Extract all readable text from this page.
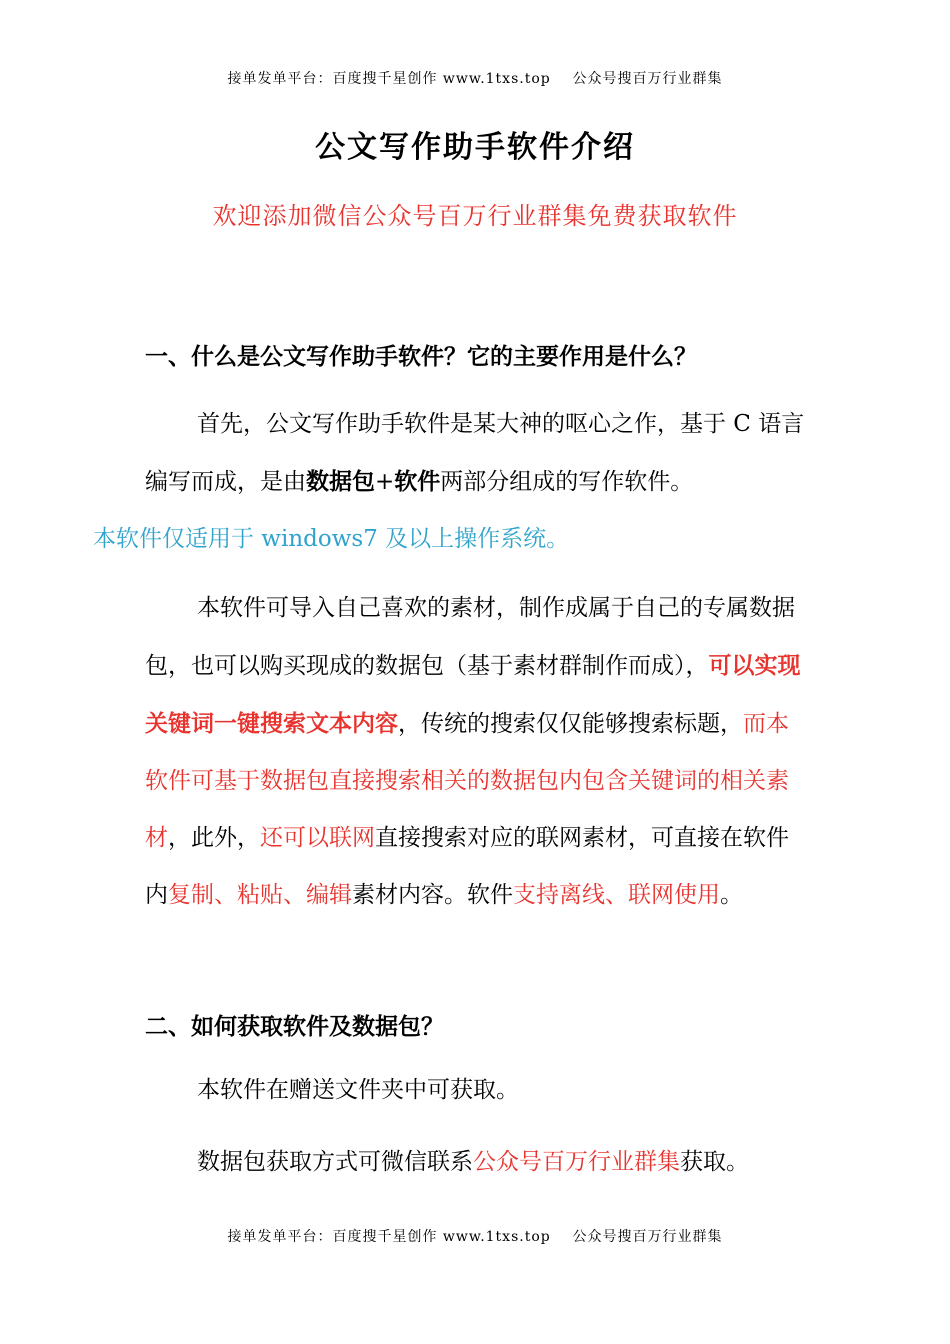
接单发单平台：百度搜千星创作 www.1txs.top 公众号搜百万行业群集
公文写作助手软件介绍
欢迎添加微信公众号百万行业群集免费获取软件
一、什么是公文写作助手软件？它的主要作用是什么？
首先，公文写作助手软件是某大神的呕心之作，基于 C 语言编写而成，是由数据包+软件两部分组成的写作软件。
本软件仅适用于 windows7 及以上操作系统。
本软件可导入自己喜欢的素材，制作成属于自己的专属数据包，也可以购买现成的数据包（基于素材群制作而成），可以实现关键词一键搜索文本内容，传统的搜索仅仅能够搜索标题，而本软件可基于数据包直接搜索相关的数据包内包含关键词的相关素材，此外，还可以联网直接搜索对应的联网素材，可直接在软件内复制、粘贴、编辑素材内容。软件支持离线、联网使用。
二、如何获取软件及数据包？
本软件在赠送文件夹中可获取。
数据包获取方式可微信联系公众号百万行业群集获取。
接单发单平台：百度搜千星创作 www.1txs.top 公众号搜百万行业群集
